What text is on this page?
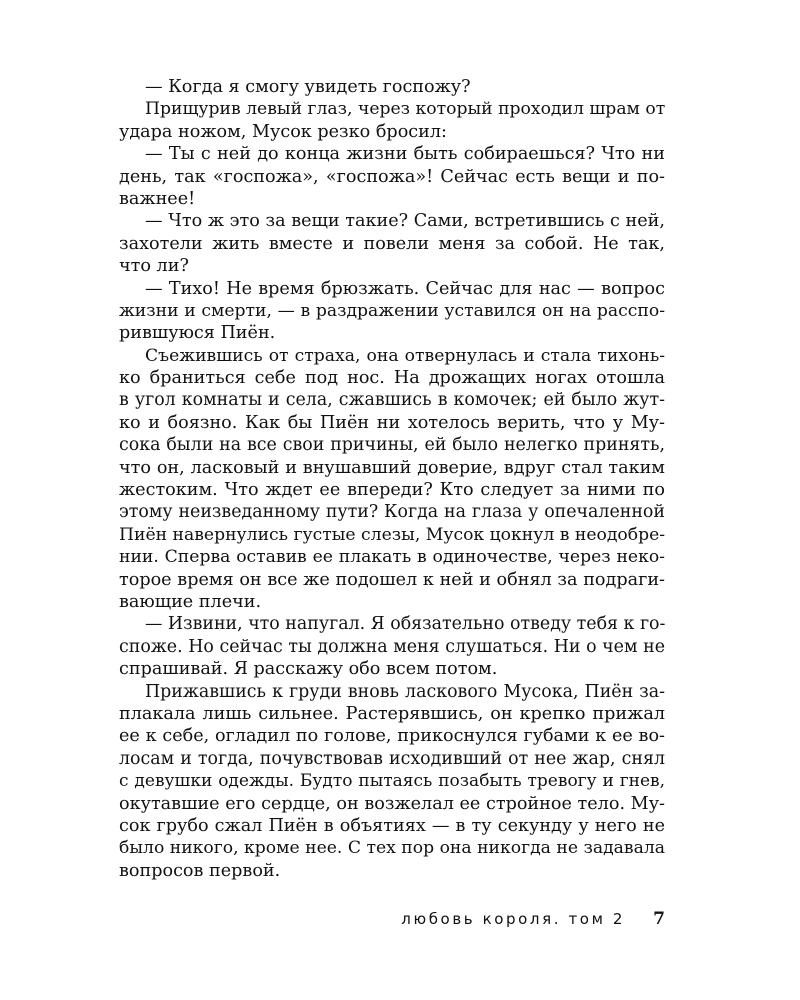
— Когда я смогу увидеть госпожу?
Прищурив левый глаз, через который проходил шрам от
удара ножом, Мусок резко бросил:
— Ты с ней до конца жизни быть собираешься? Что ни
день, так «госпожа», «госпожа»! Сейчас есть вещи и по-
важнее!
— Что ж это за вещи такие? Сами, встретившись с ней,
захотели жить вместе и повели меня за собой. Не так,
что ли?
— Тихо! Не время брюзжать. Сейчас для нас — вопрос
жизни и смерти, — в раздражении уставился он на расспо-
рившуюся Пиён.
Съежившись от страха, она отвернулась и стала тихонь-
ко браниться себе под нос. На дрожащих ногах отошла
в угол комнаты и села, сжавшись в комочек; ей было жут-
ко и боязно. Как бы Пиён ни хотелось верить, что у Му-
сока были на все свои причины, ей было нелегко принять,
что он, ласковый и внушавший доверие, вдруг стал таким
жестоким. Что ждет ее впереди? Кто следует за ними по
этому неизведанному пути? Когда на глаза у опечаленной
Пиён навернулись густые слезы, Мусок цокнул в неодобре-
нии. Сперва оставив ее плакать в одиночестве, через неко-
торое время он все же подошел к ней и обнял за подраги-
вающие плечи.
— Извини, что напугал. Я обязательно отведу тебя к го-
споже. Но сейчас ты должна меня слушаться. Ни о чем не
спрашивай. Я расскажу обо всем потом.
Прижавшись к груди вновь ласкового Мусока, Пиён за-
плакала лишь сильнее. Растерявшись, он крепко прижал
ее к себе, огладил по голове, прикоснулся губами к ее во-
лосам и тогда, почувствовав исходивший от нее жар, снял
с девушки одежды. Будто пытаясь позабыть тревогу и гнев,
окутавшие его сердце, он возжелал ее стройное тело. Му-
сок грубо сжал Пиён в объятиях — в ту секунду у него не
было никого, кроме нее. С тех пор она никогда не задавала
вопросов первой.
любовь короля. том 2 7
